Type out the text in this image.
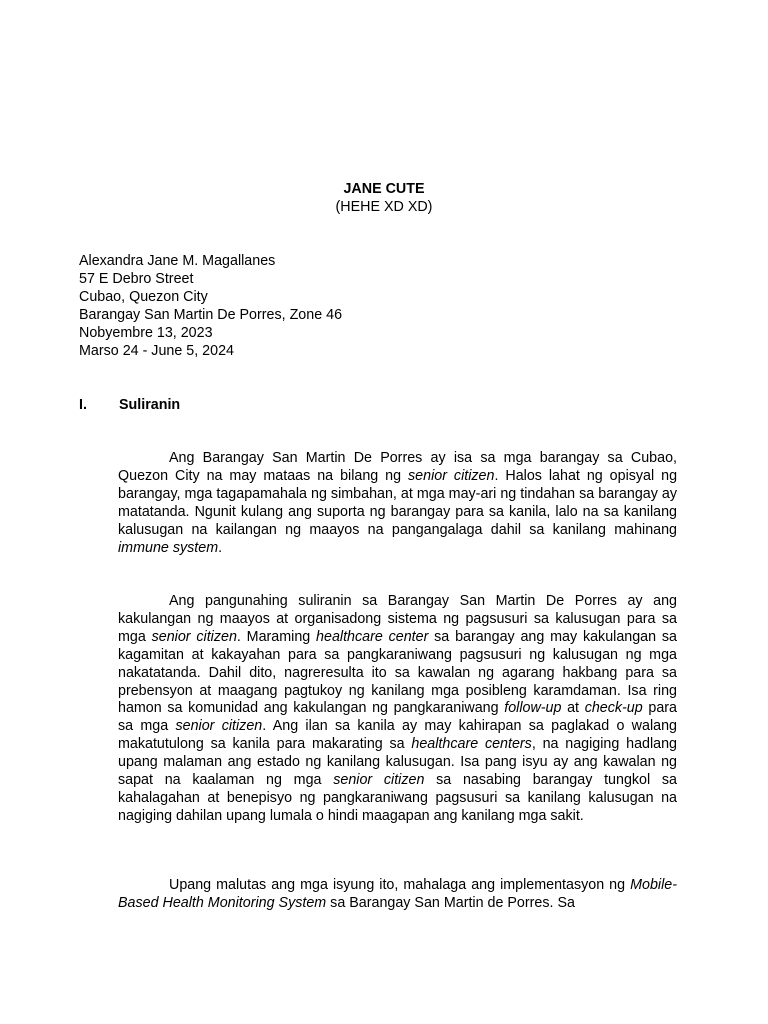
JANE CUTE
(HEHE XD XD)
Alexandra Jane M. Magallanes
57 E Debro Street
Cubao, Quezon City
Barangay San Martin De Porres, Zone 46
Nobyembre 13, 2023
Marso 24 - June 5, 2024
I.	Suliranin

Ang Barangay San Martin De Porres ay isa sa mga barangay sa Cubao, Quezon City na may mataas na bilang ng senior citizen. Halos lahat ng opisyal ng barangay, mga tagapamahala ng simbahan, at mga may-ari ng tindahan sa barangay ay matatanda. Ngunit kulang ang suporta ng barangay para sa kanila, lalo na sa kanilang kalusugan na kailangan ng maayos na pangangalaga dahil sa kanilang mahinang immune system.

Ang pangunahing suliranin sa Barangay San Martin De Porres ay ang kakulangan ng maayos at organisadong sistema ng pagsusuri sa kalusugan para sa mga senior citizen. Maraming healthcare center sa barangay ang may kakulangan sa kagamitan at kakayahan para sa pangkaraniwang pagsusuri ng kalusugan ng mga nakatatanda. Dahil dito, nagreresulta ito sa kawalan ng agarang hakbang para sa prebensyon at maagang pagtukoy ng kanilang mga posibleng karamdaman. Isa ring hamon sa komunidad ang kakulangan ng pangkaraniwang follow-up at check-up para sa mga senior citizen. Ang ilan sa kanila ay may kahirapan sa paglakad o walang makatutulong sa kanila para makarating sa healthcare centers, na nagiging hadlang upang malaman ang estado ng kanilang kalusugan. Isa pang isyu ay ang kawalan ng sapat na kaalaman ng mga senior citizen sa nasabing barangay tungkol sa kahalagahan at benepisyo ng pangkaraniwang pagsusuri sa kanilang kalusugan na nagiging dahilan upang lumala o hindi maagapan ang kanilang mga sakit.

Upang malutas ang mga isyung ito, mahalaga ang implementasyon ng Mobile-Based Health Monitoring System sa Barangay San Martin de Porres. Sa
